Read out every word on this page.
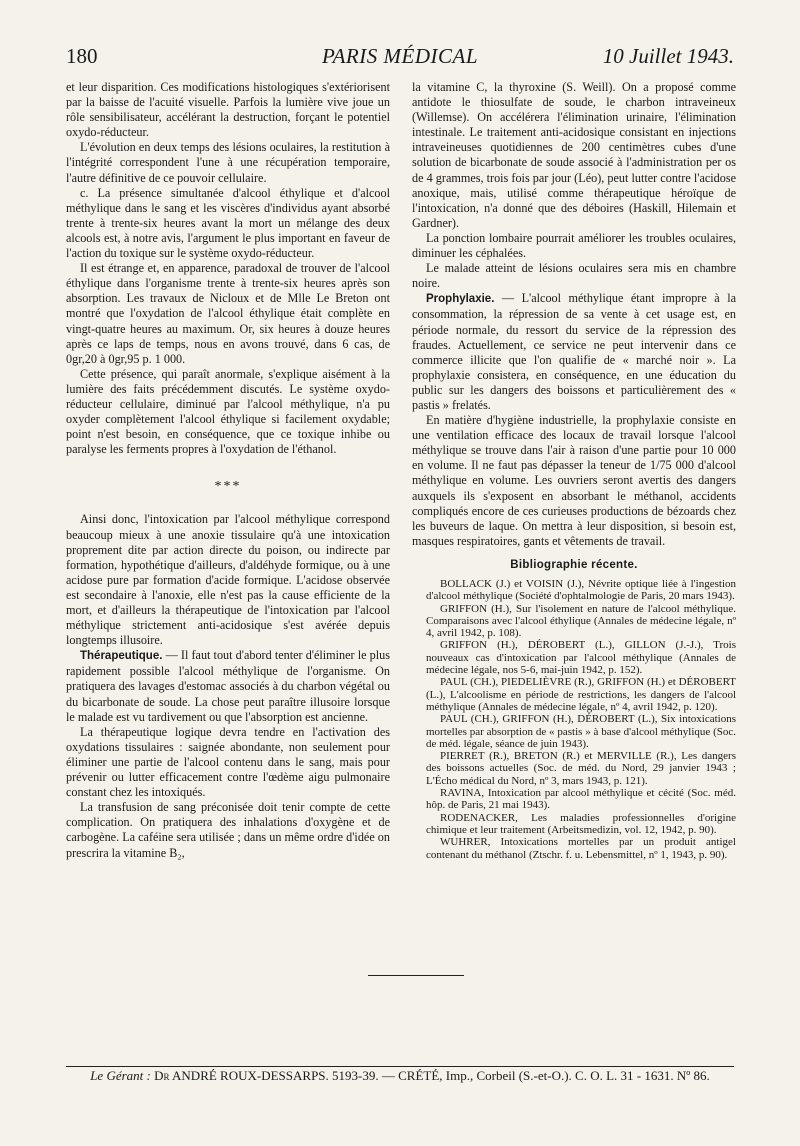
180	PARIS MÉDICAL	10 Juillet 1943.

et leur disparition. Ces modifications histologiques s'extériorisent par la baisse de l'acuité visuelle. Parfois la lumière vive joue un rôle sensibilisateur, accélérant la destruction, forçant le potentiel oxydo-réducteur.

L'évolution en deux temps des lésions oculaires, la restitution à l'intégrité correspondent l'une à une récupération temporaire, l'autre définitive de ce pouvoir cellulaire.

c. La présence simultanée d'alcool éthylique et d'alcool méthylique dans le sang et les viscères d'individus ayant absorbé trente à trente-six heures avant la mort un mélange des deux alcools est, à notre avis, l'argument le plus important en faveur de l'action du toxique sur le système oxydo-réducteur.

Il est étrange et, en apparence, paradoxal de trouver de l'alcool éthylique dans l'organisme trente à trente-six heures après son absorption. Les travaux de Nicloux et de Mlle Le Breton ont montré que l'oxydation de l'alcool éthylique était complète en vingt-quatre heures au maximum. Or, six heures à douze heures après ce laps de temps, nous en avons trouvé, dans 6 cas, de 0gr,20 à 0gr,95 p. 1 000.

Cette présence, qui paraît anormale, s'explique aisément à la lumière des faits précédemment discutés. Le système oxydo-réducteur cellulaire, diminué par l'alcool méthylique, n'a pu oxyder complètement l'alcool éthylique si facilement oxydable; point n'est besoin, en conséquence, que ce toxique inhibe ou paralyse les ferments propres à l'oxydation de l'éthanol.

***

Ainsi donc, l'intoxication par l'alcool méthylique correspond beaucoup mieux à une anoxie tissulaire qu'à une intoxication proprement dite par action directe du poison, ou indirecte par formation, hypothétique d'ailleurs, d'aldéhyde formique, ou à une acidose pure par formation d'acide formique. L'acidose observée est secondaire à l'anoxie, elle n'est pas la cause efficiente de la mort, et d'ailleurs la thérapeutique de l'intoxication par l'alcool méthylique strictement anti-acidosique s'est avérée depuis longtemps illusoire.

Thérapeutique. — Il faut tout d'abord tenter d'éliminer le plus rapidement possible l'alcool méthylique de l'organisme. On pratiquera des lavages d'estomac associés à du charbon végétal ou du bicarbonate de soude. La chose peut paraître illusoire lorsque le malade est vu tardivement ou que l'absorption est ancienne.

La thérapeutique logique devra tendre en l'activation des oxydations tissulaires : saignée abondante, non seulement pour éliminer une partie de l'alcool contenu dans le sang, mais pour prévenir ou lutter efficacement contre l'œdème aigu pulmonaire constant chez les intoxiqués.

La transfusion de sang préconisée doit tenir compte de cette complication. On pratiquera des inhalations d'oxygène et de carbogène. La caféine sera utilisée ; dans un même ordre d'idée on prescrira la vitamine B₂,

la vitamine C, la thyroxine (S. Weill). On a proposé comme antidote le thiosulfate de soude, le charbon intraveineux (Willemse). On accélérera l'élimination urinaire, l'élimination intestinale. Le traitement anti-acidosique consistant en injections intraveineuses quotidiennes de 200 centimètres cubes d'une solution de bicarbonate de soude associé à l'administration per os de 4 grammes, trois fois par jour (Léo), peut lutter contre l'acidose anoxique, mais, utilisé comme thérapeutique héroïque de l'intoxication, n'a donné que des déboires (Haskill, Hilemain et Gardner).

La ponction lombaire pourrait améliorer les troubles oculaires, diminuer les céphalées.

Le malade atteint de lésions oculaires sera mis en chambre noire.

Prophylaxie. — L'alcool méthylique étant impropre à la consommation, la répression de sa vente à cet usage est, en période normale, du ressort du service de la répression des fraudes. Actuellement, ce service ne peut intervenir dans ce commerce illicite que l'on qualifie de « marché noir ». La prophylaxie consistera, en conséquence, en une éducation du public sur les dangers des boissons et particulièrement des « pastis » frelatés.

En matière d'hygiène industrielle, la prophylaxie consiste en une ventilation efficace des locaux de travail lorsque l'alcool méthylique se trouve dans l'air à raison d'une partie pour 10 000 en volume. Il ne faut pas dépasser la teneur de 1/75 000 d'alcool méthylique en volume. Les ouvriers seront avertis des dangers auxquels ils s'exposent en absorbant le méthanol, accidents compliqués encore de ces curieuses productions de bézoards chez les buveurs de laque. On mettra à leur disposition, si besoin est, masques respiratoires, gants et vêtements de travail.

Bibliographie récente.

BOLLACK (J.) et VOISIN (J.), Névrite optique liée à l'ingestion d'alcool méthylique (Société d'ophtalmologie de Paris, 20 mars 1943).

GRIFFON (H.), Sur l'isolement en nature de l'alcool méthylique. Comparaisons avec l'alcool éthylique (Annales de médecine légale, nº 4, avril 1942, p. 108).

GRIFFON (H.), DÉROBERT (L.), GILLON (J.-J.), Trois nouveaux cas d'intoxication par l'alcool méthylique (Annales de médecine légale, nos 5-6, mai-juin 1942, p. 152).

PAUL (CH.), PIEDELIÈVRE (R.), GRIFFON (H.) et DÉROBERT (L.), L'alcoolisme en période de restrictions, les dangers de l'alcool méthylique (Annales de médecine légale, nº 4, avril 1942, p. 120).

PAUL (CH.), GRIFFON (H.), DÉROBERT (L.), Six intoxications mortelles par absorption de « pastis » à base d'alcool méthylique (Soc. de méd. légale, séance de juin 1943).

PIERRET (R.), BRETON (R.) et MERVILLE (R.), Les dangers des boissons actuelles (Soc. de méd. du Nord, 29 janvier 1943 ; L'Écho médical du Nord, nº 3, mars 1943, p. 121).

RAVINA, Intoxication par alcool méthylique et cécité (Soc. méd. hôp. de Paris, 21 mai 1943).

RODENACKER, Les maladies professionnelles d'origine chimique et leur traitement (Arbeitsmedizin, vol. 12, 1942, p. 90).

WUHRER, Intoxications mortelles par un produit antigel contenant du méthanol (Ztschr. f. u. Lebensmittel, nº 1, 1943, p. 90).

Le Gérant : Dr ANDRÉ ROUX-DESSARPS. 5193-39. — CRÉTÉ, Imp., Corbeil (S.-et-O.). C. O. L. 31 - 1631. Nº 86.
